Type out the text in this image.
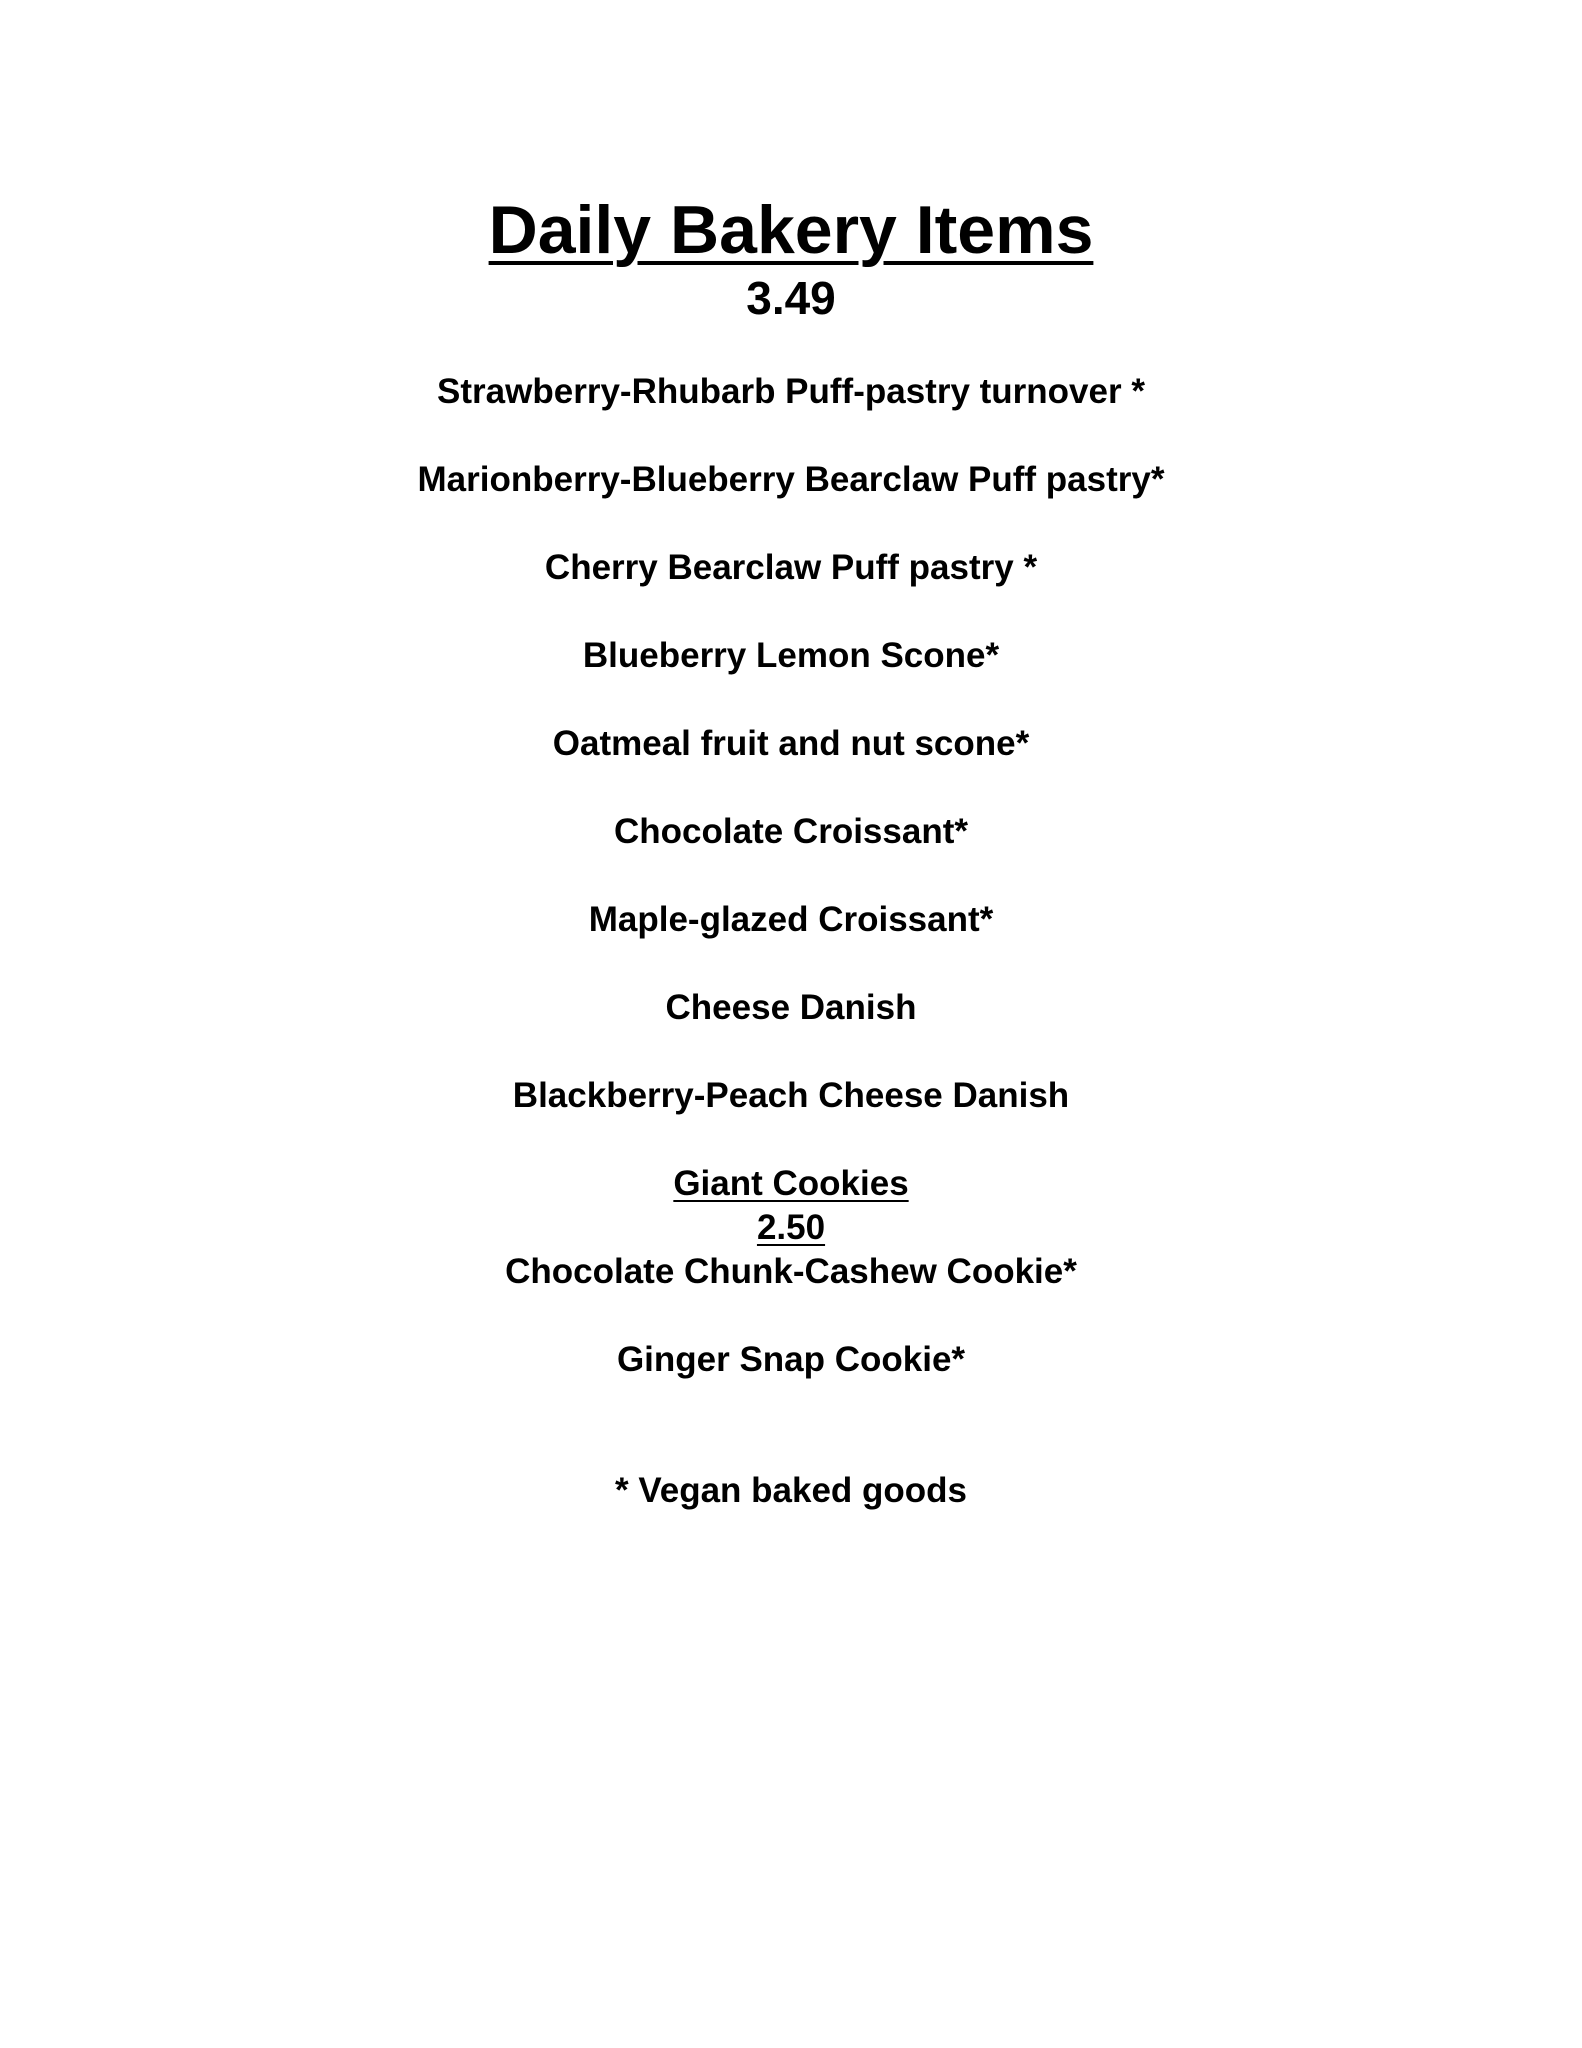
Daily Bakery Items
3.49
Strawberry-Rhubarb Puff-pastry turnover *
Marionberry-Blueberry Bearclaw Puff pastry*
Cherry Bearclaw Puff pastry *
Blueberry Lemon Scone*
Oatmeal fruit and nut scone*
Chocolate Croissant*
Maple-glazed Croissant*
Cheese Danish
Blackberry-Peach Cheese Danish
Giant Cookies
2.50
Chocolate Chunk-Cashew Cookie*
Ginger Snap Cookie*
* Vegan baked goods
